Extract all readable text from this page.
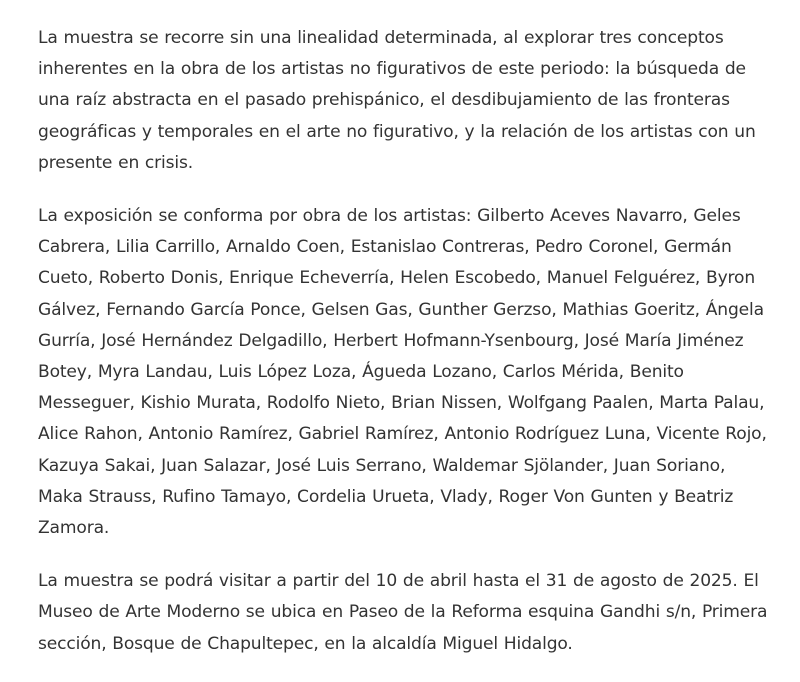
La muestra se recorre sin una linealidad determinada, al explorar tres conceptos inherentes en la obra de los artistas no figurativos de este periodo: la búsqueda de una raíz abstracta en el pasado prehispánico, el desdibujamiento de las fronteras geográficas y temporales en el arte no figurativo, y la relación de los artistas con un presente en crisis.

La exposición se conforma por obra de los artistas: Gilberto Aceves Navarro, Geles Cabrera, Lilia Carrillo, Arnaldo Coen, Estanislao Contreras, Pedro Coronel, Germán Cueto, Roberto Donis, Enrique Echeverría, Helen Escobedo, Manuel Felguérez, Byron Gálvez, Fernando García Ponce, Gelsen Gas, Gunther Gerzso, Mathias Goeritz, Ángela Gurría, José Hernández Delgadillo, Herbert Hofmann-Ysenbourg, José María Jiménez Botey, Myra Landau, Luis López Loza, Águeda Lozano, Carlos Mérida, Benito Messeguer, Kishio Murata, Rodolfo Nieto, Brian Nissen, Wolfgang Paalen, Marta Palau, Alice Rahon, Antonio Ramírez, Gabriel Ramírez, Antonio Rodríguez Luna, Vicente Rojo, Kazuya Sakai, Juan Salazar, José Luis Serrano, Waldemar Sjölander, Juan Soriano, Maka Strauss, Rufino Tamayo, Cordelia Urueta, Vlady, Roger Von Gunten y Beatriz Zamora.

La muestra se podrá visitar a partir del 10 de abril hasta el 31 de agosto de 2025. El Museo de Arte Moderno se ubica en Paseo de la Reforma esquina Gandhi s/n, Primera sección, Bosque de Chapultepec, en la alcaldía Miguel Hidalgo.
